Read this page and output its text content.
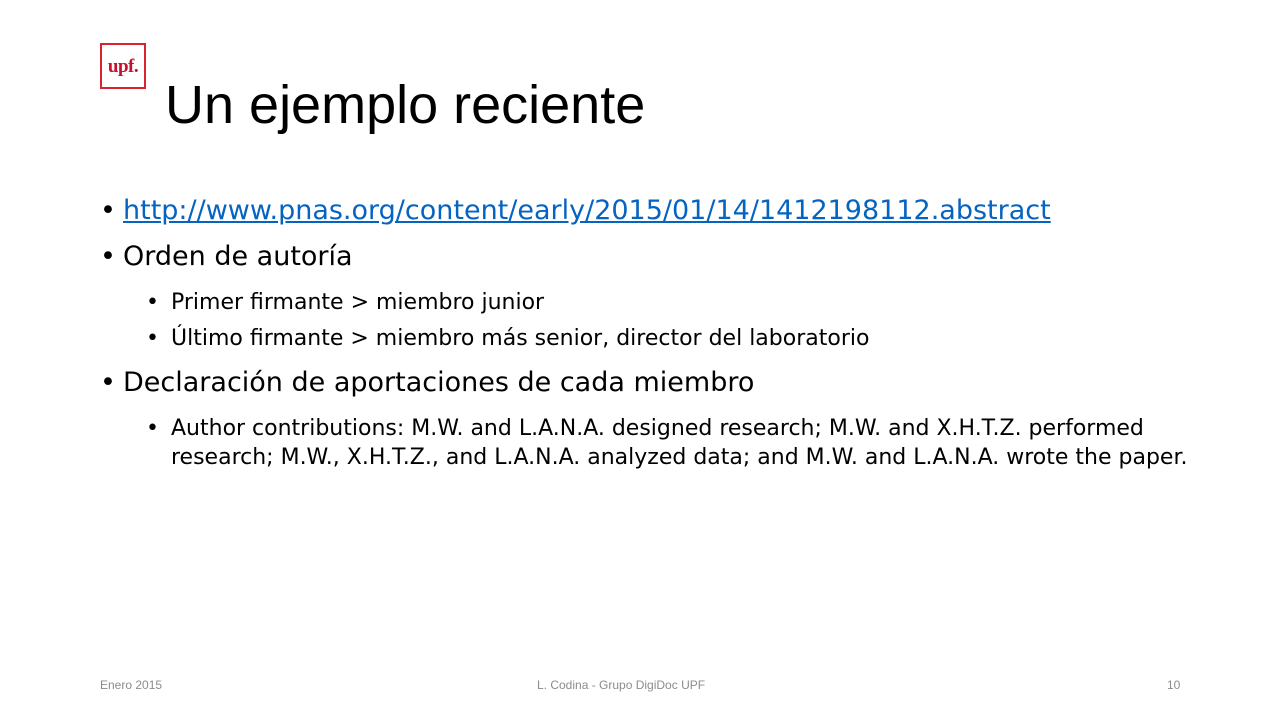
upf.
Un ejemplo reciente
• http://www.pnas.org/content/early/2015/01/14/1412198112.abstract
• Orden de autoría
• Primer firmante > miembro junior
• Último firmante > miembro más senior, director del laboratorio
• Declaración de aportaciones de cada miembro
• Author contributions: M.W. and L.A.N.A. designed research; M.W. and X.H.T.Z. performed research; M.W., X.H.T.Z., and L.A.N.A. analyzed data; and M.W. and L.A.N.A. wrote the paper.
Enero 2015	L. Codina - Grupo DigiDoc UPF	10
